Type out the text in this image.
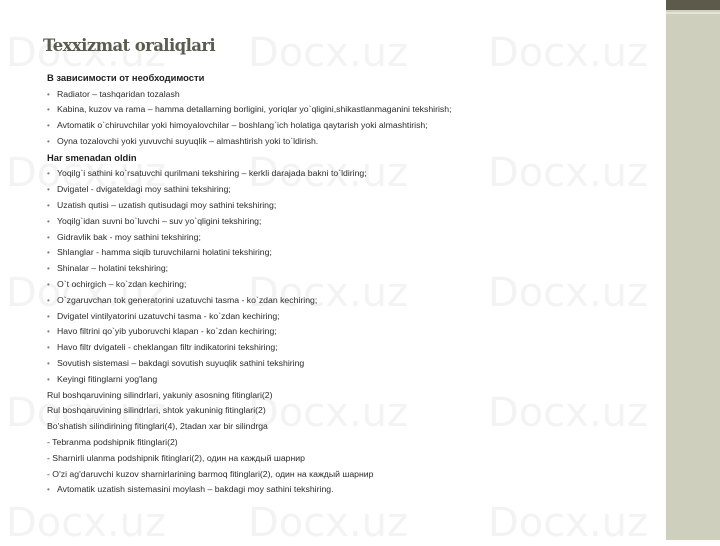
Texxizmat oraliqlari
В зависимости от необходимости
• Radiator – tashqaridan tozalash
• Kabina, kuzov va rama – hamma detallarning borligini, yoriqlar yo`qligini,shikastlanmaganini tekshirish;
• Avtomatik o`chiruvchilar yoki himoyalovchilar – boshlang`ich holatiga qaytarish yoki almashtirish;
• Oyna tozalovchi yoki yuvuvchi suyuqlik – almashtirish yoki to`ldirish.
Har smenadan oldin
• Yoqilg`i sathini ko`rsatuvchi qurilmani tekshiring – kerkli darajada bakni to`ldiring;
• Dvigatel - dvigateldagi moy sathini tekshiring;
• Uzatish qutisi – uzatish qutisudagi moy sathini tekshiring;
• Yoqilg`idan suvni bo`luvchi – suv yo`qligini tekshiring;
• Gidravlik bak - moy sathini tekshiring;
• Shlanglar - hamma siqib turuvchilarni holatini tekshiring;
• Shinalar – holatini tekshiring;
• O`t ochirgich – ko`zdan kechiring;
• O`zgaruvchan tok generatorini uzatuvchi tasma - ko`zdan kechiring;
• Dvigatel vintilyatorini uzatuvchi tasma - ko`zdan kechiring;
• Havo filtrini qo`yib yuboruvchi klapan - ko`zdan kechiring;
• Havo filtr dvigateli - cheklangan filtr indikatorini tekshiring;
• Sovutish sistemasi – bakdagi sovutish suyuqlik sathini tekshiring
• Keyingi fitinglarni yog'lang
Rul boshqaruvining silindrlari, yakuniy asosning fitinglari(2)
Rul boshqaruvining silindrlari, shtok yakuninig fitinglari(2)
Bo'shatish silindirining fitinglari(4), 2tadan xar bir silindrga
- Tebranma podshipnik fitinglari(2)
- Sharnirli ulanma podshipnik fitinglari(2), один на каждый шарнир
- O'zi ag'daruvchi kuzov sharnirlarining barmoq fitinglari(2), один на каждый шарнир
• Avtomatik uzatish sistemasini moylash – bakdagi moy sathini tekshiring.
